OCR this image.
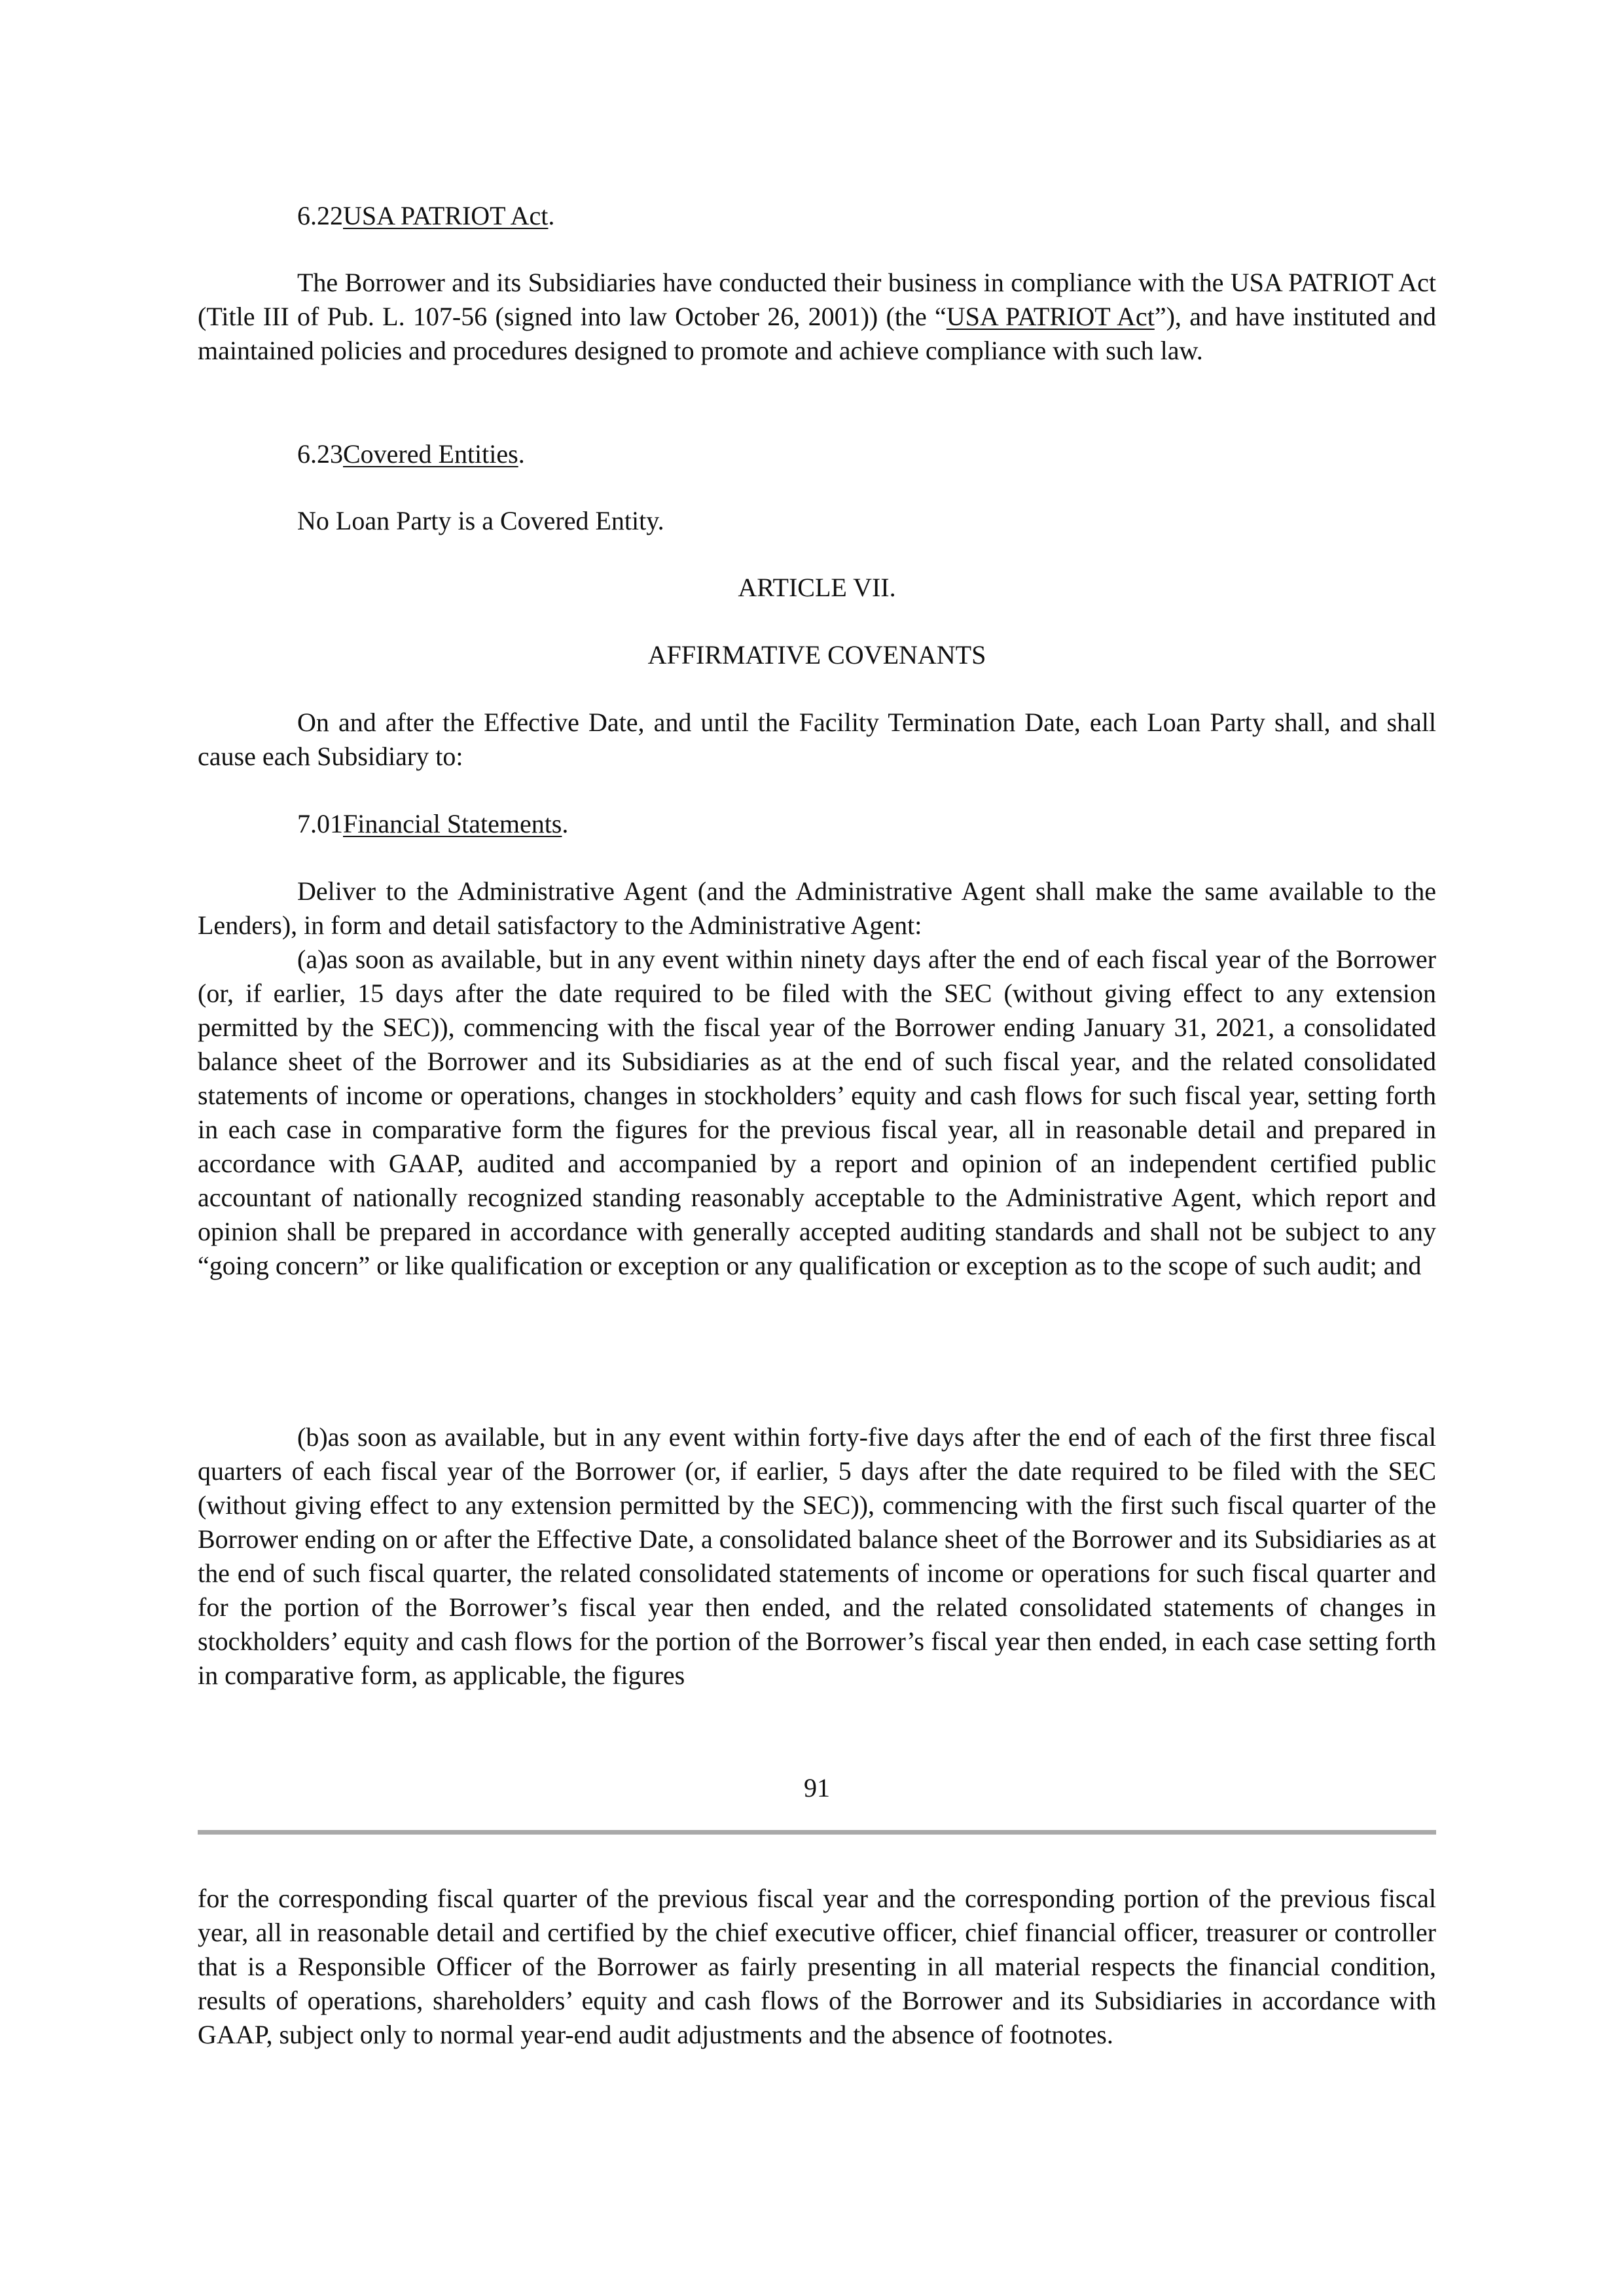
6.22USA PATRIOT Act.

The Borrower and its Subsidiaries have conducted their business in compliance with the USA PATRIOT Act (Title III of Pub. L. 107-56 (signed into law October 26, 2001)) (the “USA PATRIOT Act”), and have instituted and maintained policies and procedures designed to promote and achieve compliance with such law.

6.23Covered Entities.

No Loan Party is a Covered Entity.

ARTICLE VII.

AFFIRMATIVE COVENANTS

On and after the Effective Date, and until the Facility Termination Date, each Loan Party shall, and shall cause each Subsidiary to:

7.01Financial Statements.

Deliver to the Administrative Agent (and the Administrative Agent shall make the same available to the Lenders), in form and detail satisfactory to the Administrative Agent:

(a)as soon as available, but in any event within ninety days after the end of each fiscal year of the Borrower (or, if earlier, 15 days after the date required to be filed with the SEC (without giving effect to any extension permitted by the SEC)), commencing with the fiscal year of the Borrower ending January 31, 2021, a consolidated balance sheet of the Borrower and its Subsidiaries as at the end of such fiscal year, and the related consolidated statements of income or operations, changes in stockholders’ equity and cash flows for such fiscal year, setting forth in each case in comparative form the figures for the previous fiscal year, all in reasonable detail and prepared in accordance with GAAP, audited and accompanied by a report and opinion of an independent certified public accountant of nationally recognized standing reasonably acceptable to the Administrative Agent, which report and opinion shall be prepared in accordance with generally accepted auditing standards and shall not be subject to any “going concern” or like qualification or exception or any qualification or exception as to the scope of such audit; and

(b)as soon as available, but in any event within forty-five days after the end of each of the first three fiscal quarters of each fiscal year of the Borrower (or, if earlier, 5 days after the date required to be filed with the SEC (without giving effect to any extension permitted by the SEC)), commencing with the first such fiscal quarter of the Borrower ending on or after the Effective Date, a consolidated balance sheet of the Borrower and its Subsidiaries as at the end of such fiscal quarter, the related consolidated statements of income or operations for such fiscal quarter and for the portion of the Borrower’s fiscal year then ended, and the related consolidated statements of changes in stockholders’ equity and cash flows for the portion of the Borrower’s fiscal year then ended, in each case setting forth in comparative form, as applicable, the figures

91

for the corresponding fiscal quarter of the previous fiscal year and the corresponding portion of the previous fiscal year, all in reasonable detail and certified by the chief executive officer, chief financial officer, treasurer or controller that is a Responsible Officer of the Borrower as fairly presenting in all material respects the financial condition, results of operations, shareholders’ equity and cash flows of the Borrower and its Subsidiaries in accordance with GAAP, subject only to normal year-end audit adjustments and the absence of footnotes.
